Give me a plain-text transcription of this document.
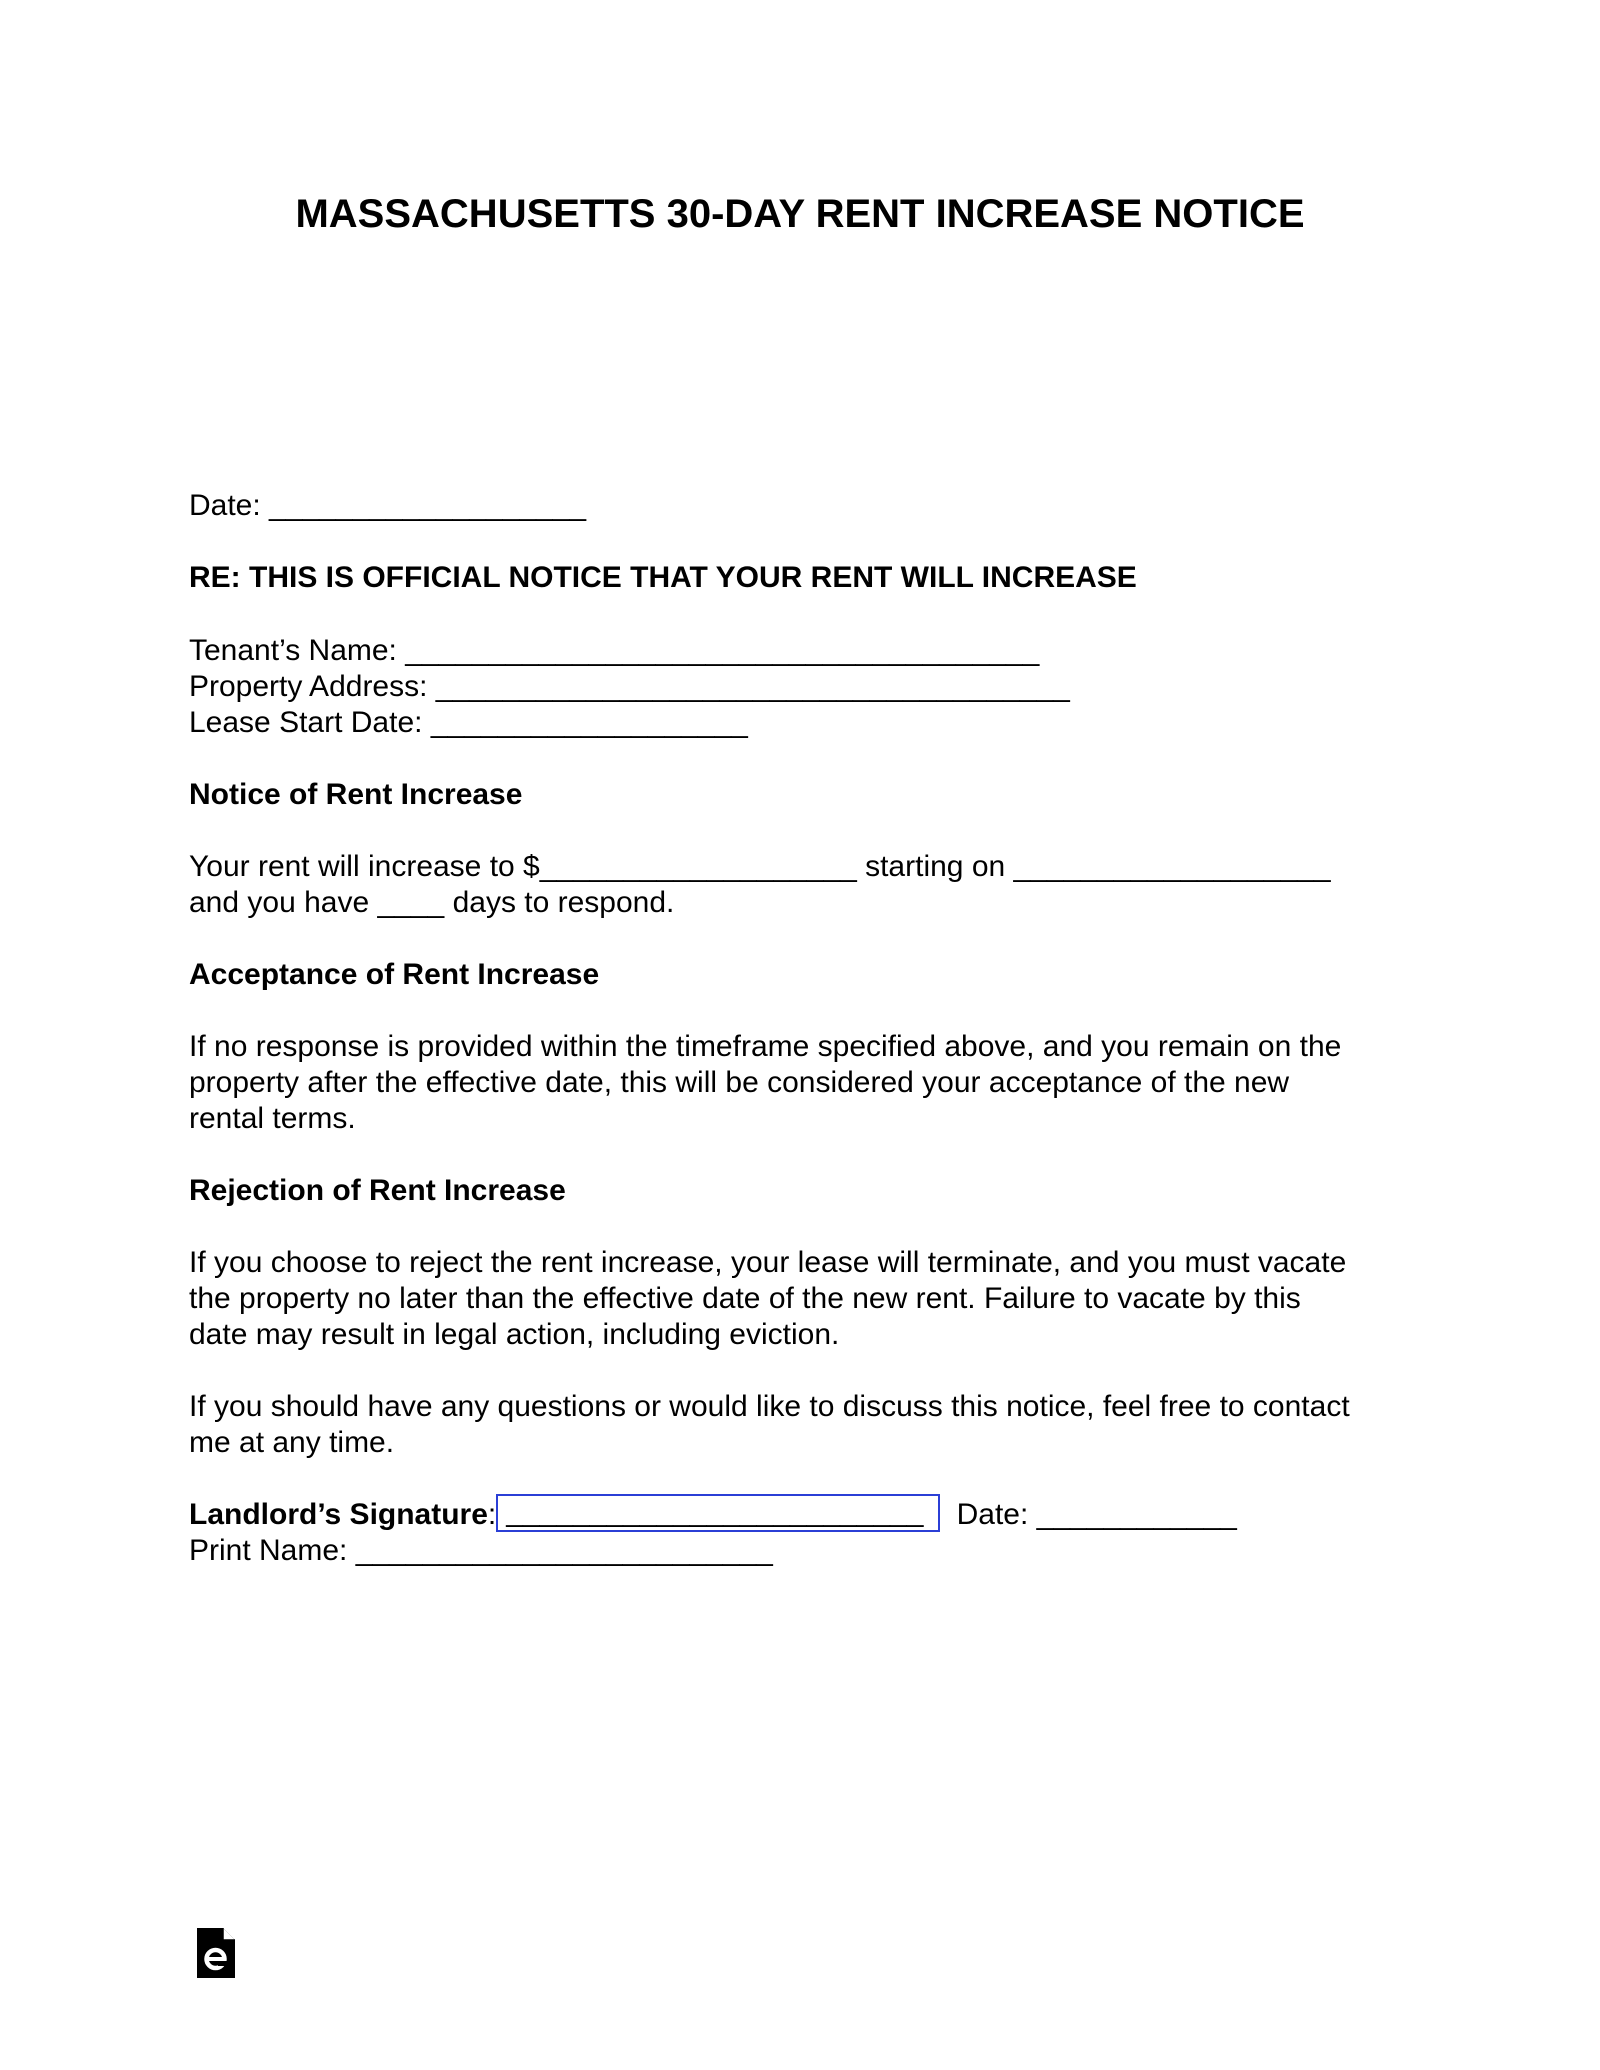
MASSACHUSETTS 30-DAY RENT INCREASE NOTICE
Date: ___________________
RE: THIS IS OFFICIAL NOTICE THAT YOUR RENT WILL INCREASE
Tenant’s Name: ______________________________________
Property Address: ______________________________________
Lease Start Date: ___________________
Notice of Rent Increase
Your rent will increase to $___________________ starting on ___________________
and you have ____ days to respond.
Acceptance of Rent Increase
If no response is provided within the timeframe specified above, and you remain on the
property after the effective date, this will be considered your acceptance of the new
rental terms.
Rejection of Rent Increase
If you choose to reject the rent increase, your lease will terminate, and you must vacate
the property no later than the effective date of the new rent. Failure to vacate by this
date may result in legal action, including eviction.
If you should have any questions or would like to discuss this notice, feel free to contact
me at any time.
Landlord’s Signature: _________________________ Date: ____________
Print Name: _________________________
